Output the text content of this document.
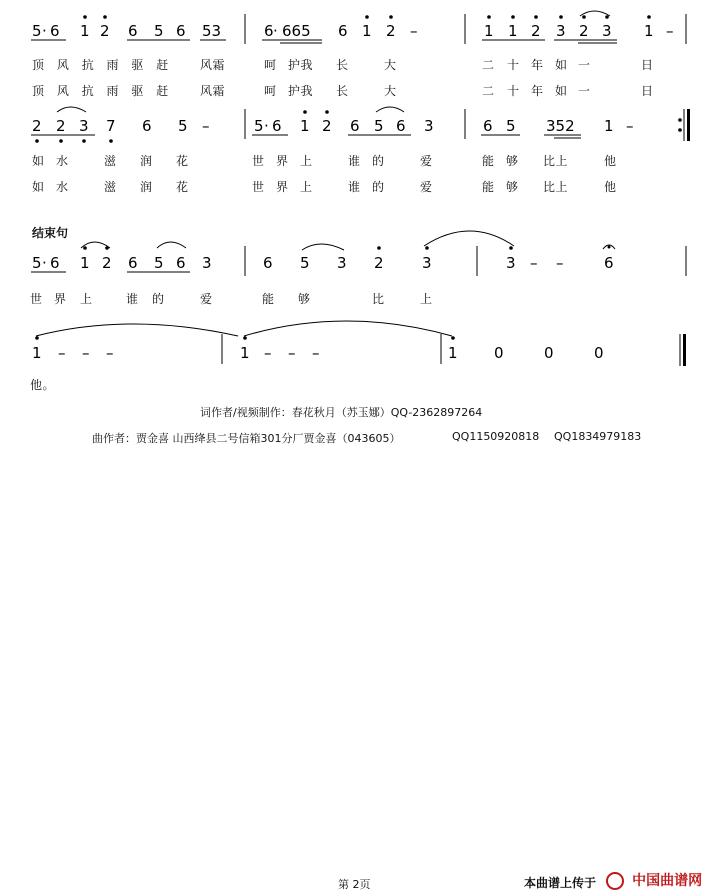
5 · 6 1 2 6 5 6 53	6 · 665 6 1 2 –	1 1 2 3 2 3 1 –
2 2 3 7 6 5 –	5 · 6 1 2 6 5 6 3	6 5 352 1 –
5 · 6 1 2 6 5 6 3	6 5 3 2	3	3 – –	6
1 – – –	1 – – –	1 0	0	0
顶 风 抗 雨 驱 赶	风霜	呵 护我 长	大	二 十 年 如 一	日
顶 风 抗 雨 驱 赶	风霜	呵 护我 长	大	二 十 年 如 一	日
如 水	滋 润 花	世 界 上	谁 的	爱	能 够 比上	他
如 水	滋 润 花	世 界 上	谁 的	爱	能 够 比上	他
结束句
世 界 上	谁 的	爱	能 够	比	上
他。
词作者/视频制作：春花秋月（苏玉娜）QQ-2362897264
曲作者：贾金喜 山西绛县二号信箱301分厂贾金喜（043605）	QQ1150920818 QQ1834979183
第 2页	本曲谱上传于	中国曲谱网
